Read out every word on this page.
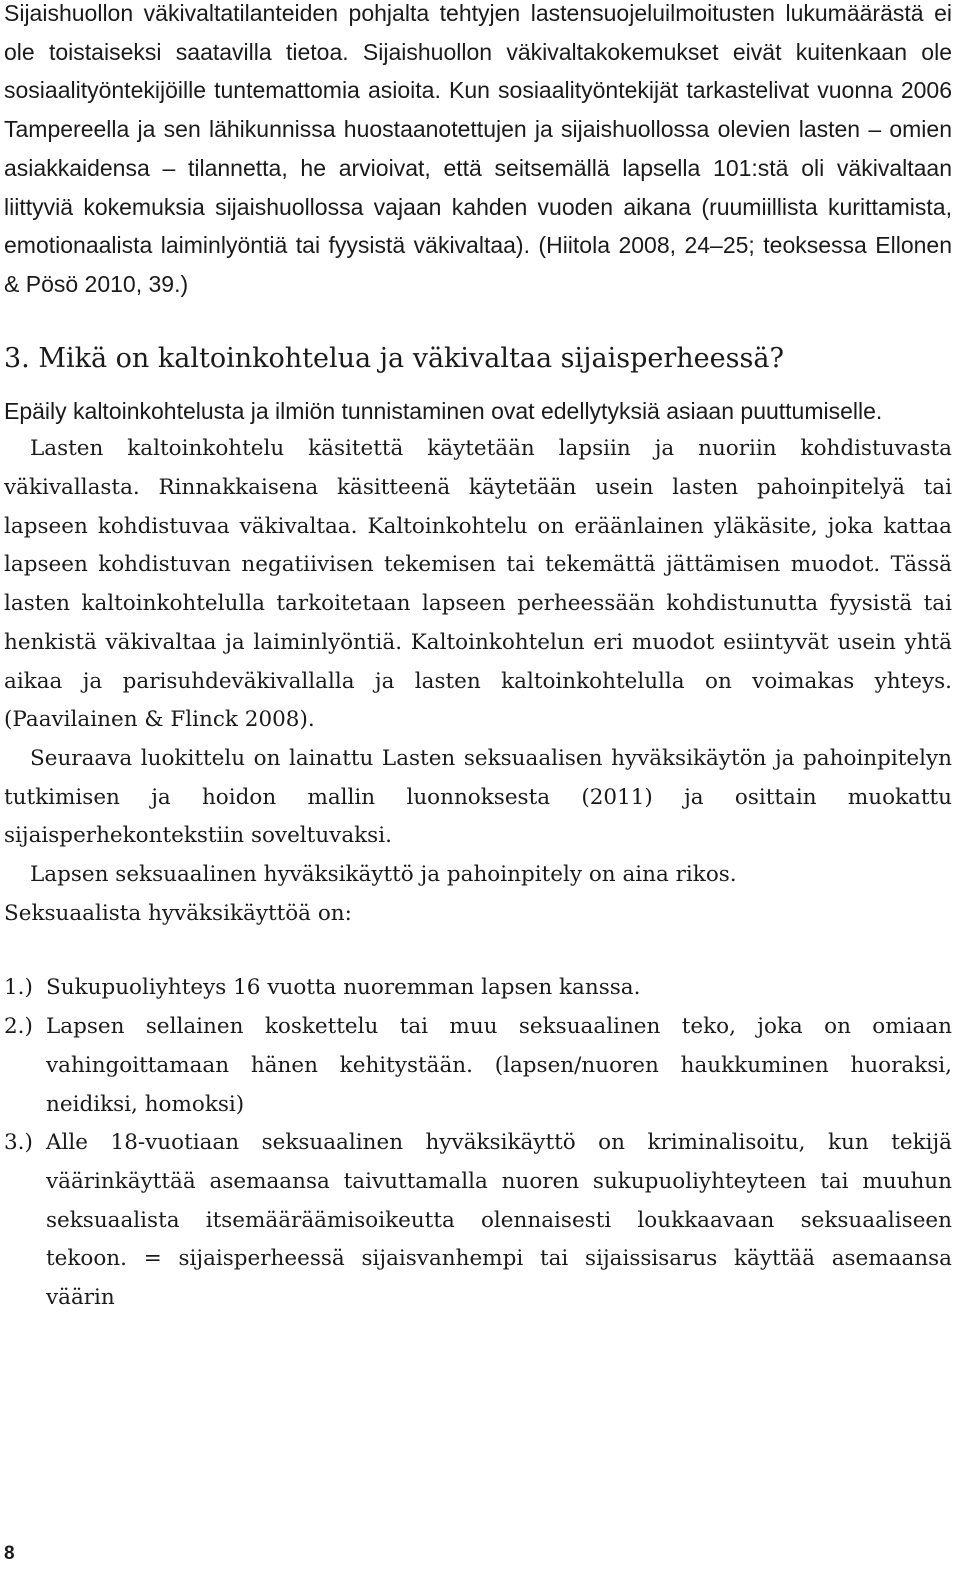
Sijaishuollon väkivaltatilanteiden pohjalta tehtyjen lastensuojeluilmoitusten lukumäärästä ei ole toistaiseksi saatavilla tietoa. Sijaishuollon väkivaltakokemukset eivät kuitenkaan ole sosiaalityöntekijöille tuntemattomia asioita. Kun sosiaalityöntekijät tarkastelivat vuonna 2006 Tampereella ja sen lähikunnissa huostaanotettujen ja sijaishuollossa olevien lasten – omien asiakkaidensa – tilannetta, he arvioivat, että seitsemällä lapsella 101:stä oli väkivaltaan liittyviä kokemuksia sijaishuollossa vajaan kahden vuoden aikana (ruumiillista kurittamista, emotionaalista laiminlyöntiä tai fyysistä väkivaltaa). (Hiitola 2008, 24–25; teoksessa Ellonen & Pösö 2010, 39.)

3. Mikä on kaltoinkohtelua ja väkivaltaa sijaisperheessä?

Epäily kaltoinkohtelusta ja ilmiön tunnistaminen ovat edellytyksiä asiaan puuttumiselle.

Lasten kaltoinkohtelu käsitettä käytetään lapsiin ja nuoriin kohdistuvasta väkivallasta. Rinnakkaisena käsitteenä käytetään usein lasten pahoinpitelyä tai lapseen kohdistuvaa väkivaltaa. Kaltoinkohtelu on eräänlainen yläkäsite, joka kattaa lapseen kohdistuvan negatiivisen tekemisen tai tekemättä jättämisen muodot. Tässä lasten kaltoinkohtelulla tarkoitetaan lapseen perheessään kohdistunutta fyysistä tai henkistä väkivaltaa ja laiminlyöntiä. Kaltoinkohtelun eri muodot esiintyvät usein yhtä aikaa ja parisuhdeväkivallalla ja lasten kaltoinkohtelulla on voimakas yhteys. (Paavilainen & Flinck 2008).

Seuraava luokittelu on lainattu Lasten seksuaalisen hyväksikäytön ja pahoinpitelyn tutkimisen ja hoidon mallin luonnoksesta (2011) ja osittain muokattu sijaisperhekontekstiin soveltuvaksi.

Lapsen seksuaalinen hyväksikäyttö ja pahoinpitely on aina rikos.

Seksuaalista hyväksikäyttöä on:

1.) Sukupuoliyhteys 16 vuotta nuoremman lapsen kanssa.
2.) Lapsen sellainen koskettelu tai muu seksuaalinen teko, joka on omiaan vahingoittamaan hänen kehitystään. (lapsen/nuoren haukkuminen huoraksi, neidiksi, homoksi)
3.) Alle 18-vuotiaan seksuaalinen hyväksikäyttö on kriminalisoitu, kun tekijä väärinkäyttää asemaansa taivuttamalla nuoren sukupuoliyhteyteen tai muuhun seksuaalista itsemääräämisoikeutta olennaisesti loukkaavaan seksuaaliseen tekoon. = sijaisperheessä sijaisvanhempi tai sijaissisarus käyttää asemaansa väärin
8
